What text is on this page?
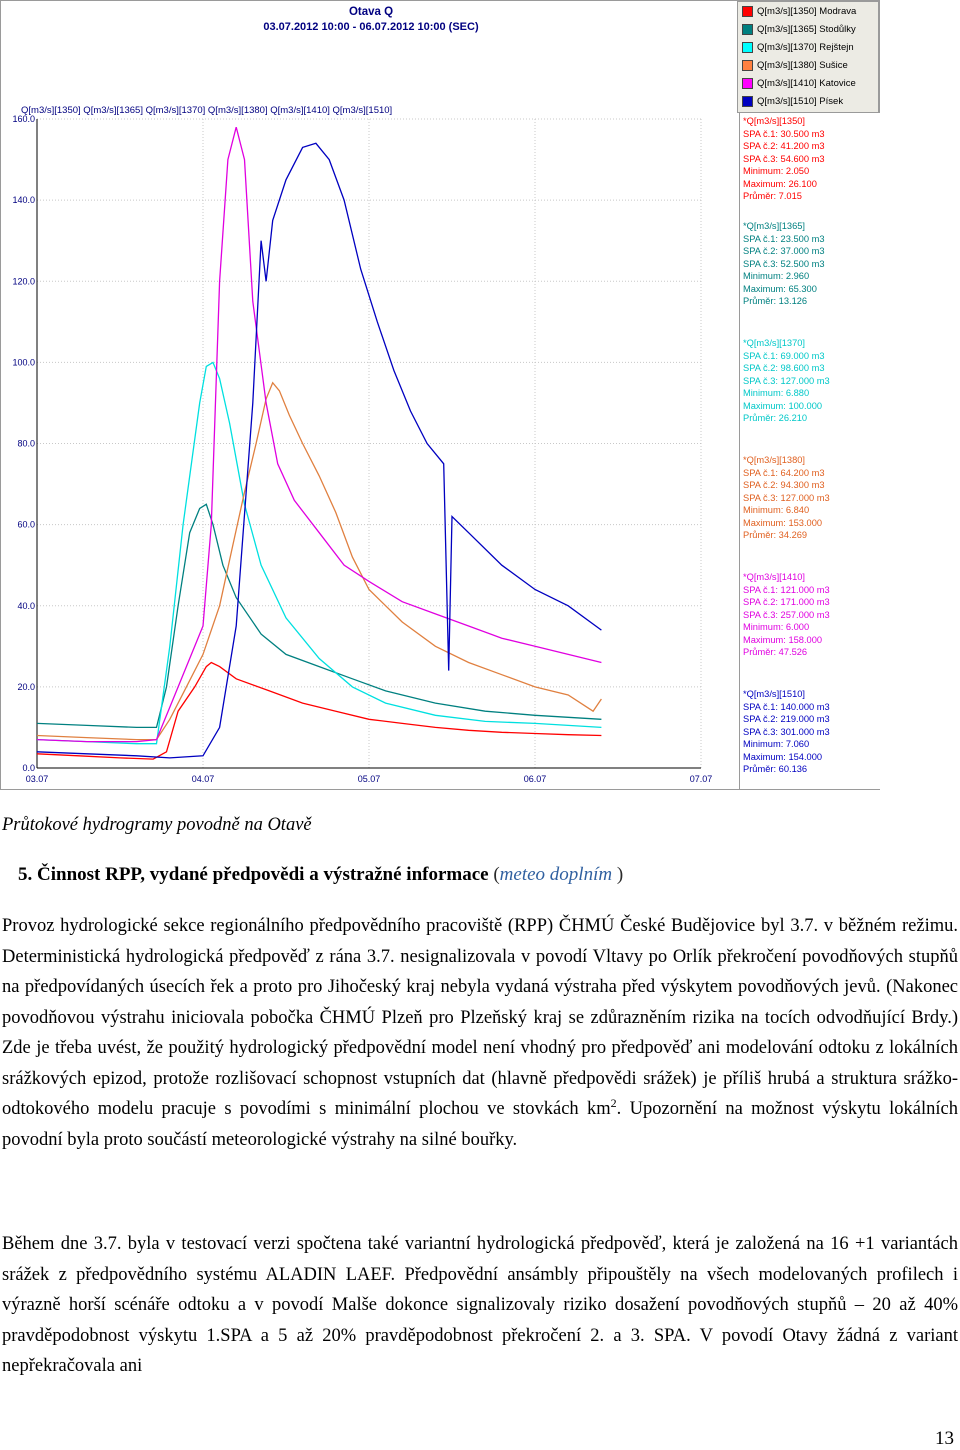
0.0
20.0
40.0
60.0
80.0
100.0
120.0
140.0
160.0
03.07	04.07	05.07	06.07	07.07
Otava Q
03.07.2012 10:00 - 06.07.2012 10:00 (SEC)
Q[m3/s][1350] Q[m3/s][1365] Q[m3/s][1370] Q[m3/s][1380] Q[m3/s][1410] Q[m3/s][1510]
Q[m3/s][1350] Modrava
Q[m3/s][1365] Stodůlky
Q[m3/s][1370] Rejštejn
Q[m3/s][1380] Sušice
Q[m3/s][1410] Katovice
Q[m3/s][1510] Písek
*Q[m3/s][1350]
SPA č.1: 30.500 m3
SPA č.2: 41.200 m3
SPA č.3: 54.600 m3
Minimum: 2.050
Maximum: 26.100
Průměr: 7.015
*Q[m3/s][1365]
SPA č.1: 23.500 m3
SPA č.2: 37.000 m3
SPA č.3: 52.500 m3
Minimum: 2.960
Maximum: 65.300
Průměr: 13.126
*Q[m3/s][1370]
SPA č.1: 69.000 m3
SPA č.2: 98.600 m3
SPA č.3: 127.000 m3
Minimum: 6.880
Maximum: 100.000
Průměr: 26.210
*Q[m3/s][1380]
SPA č.1: 64.200 m3
SPA č.2: 94.300 m3
SPA č.3: 127.000 m3
Minimum: 6.840
Maximum: 153.000
Průměr: 34.269
*Q[m3/s][1410]
SPA č.1: 121.000 m3
SPA č.2: 171.000 m3
SPA č.3: 257.000 m3
Minimum: 6.000
Maximum: 158.000
Průměr: 47.526
*Q[m3/s][1510]
SPA č.1: 140.000 m3
SPA č.2: 219.000 m3
SPA č.3: 301.000 m3
Minimum: 7.060
Maximum: 154.000
Průměr: 60.136
Průtokové hydrogramy povodně na Otavě
5. Činnost RPP, vydané předpovědi a výstražné informace (meteo doplním )
Provoz hydrologické sekce regionálního předpovědního pracoviště (RPP) ČHMÚ České Budějovice byl 3.7. v běžném režimu. Deterministická hydrologická předpověď z rána 3.7. nesignalizovala v povodí Vltavy po Orlík překročení povodňových stupňů na předpovídaných úsecích řek a proto pro Jihočeský kraj nebyla vydaná výstraha před výskytem povodňových jevů. (Nakonec povodňovou výstrahu iniciovala pobočka ČHMÚ Plzeň pro Plzeňský kraj se zdůrazněním rizika na tocích odvodňující Brdy.) Zde je třeba uvést, že použitý hydrologický předpovědní model není vhodný pro předpověď ani modelování odtoku z lokálních srážkových epizod, protože rozlišovací schopnost vstupních dat (hlavně předpovědi srážek) je příliš hrubá a struktura srážko-odtokového modelu pracuje s povodími s minimální plochou ve stovkách $km^2$. Upozornění na možnost výskytu lokálních povodní byla proto součástí meteorologické výstrahy na silné bouřky.
Během dne 3.7. byla v testovací verzi spočtena také variantní hydrologická předpověď, která je založená na 16 +1 variantách srážek z předpovědního systému ALADIN LAEF. Předpovědní ansámbly připouštěly na všech modelovaných profilech i výrazně horší scénáře odtoku a v povodí Malše dokonce signalizovaly riziko dosažení povodňových stupňů – 20 až 40% pravděpodobnost výskytu 1.SPA a 5 až 20% pravděpodobnost překročení 2. a 3. SPA. V povodí Otavy žádná z variant nepřekračovala ani
13
